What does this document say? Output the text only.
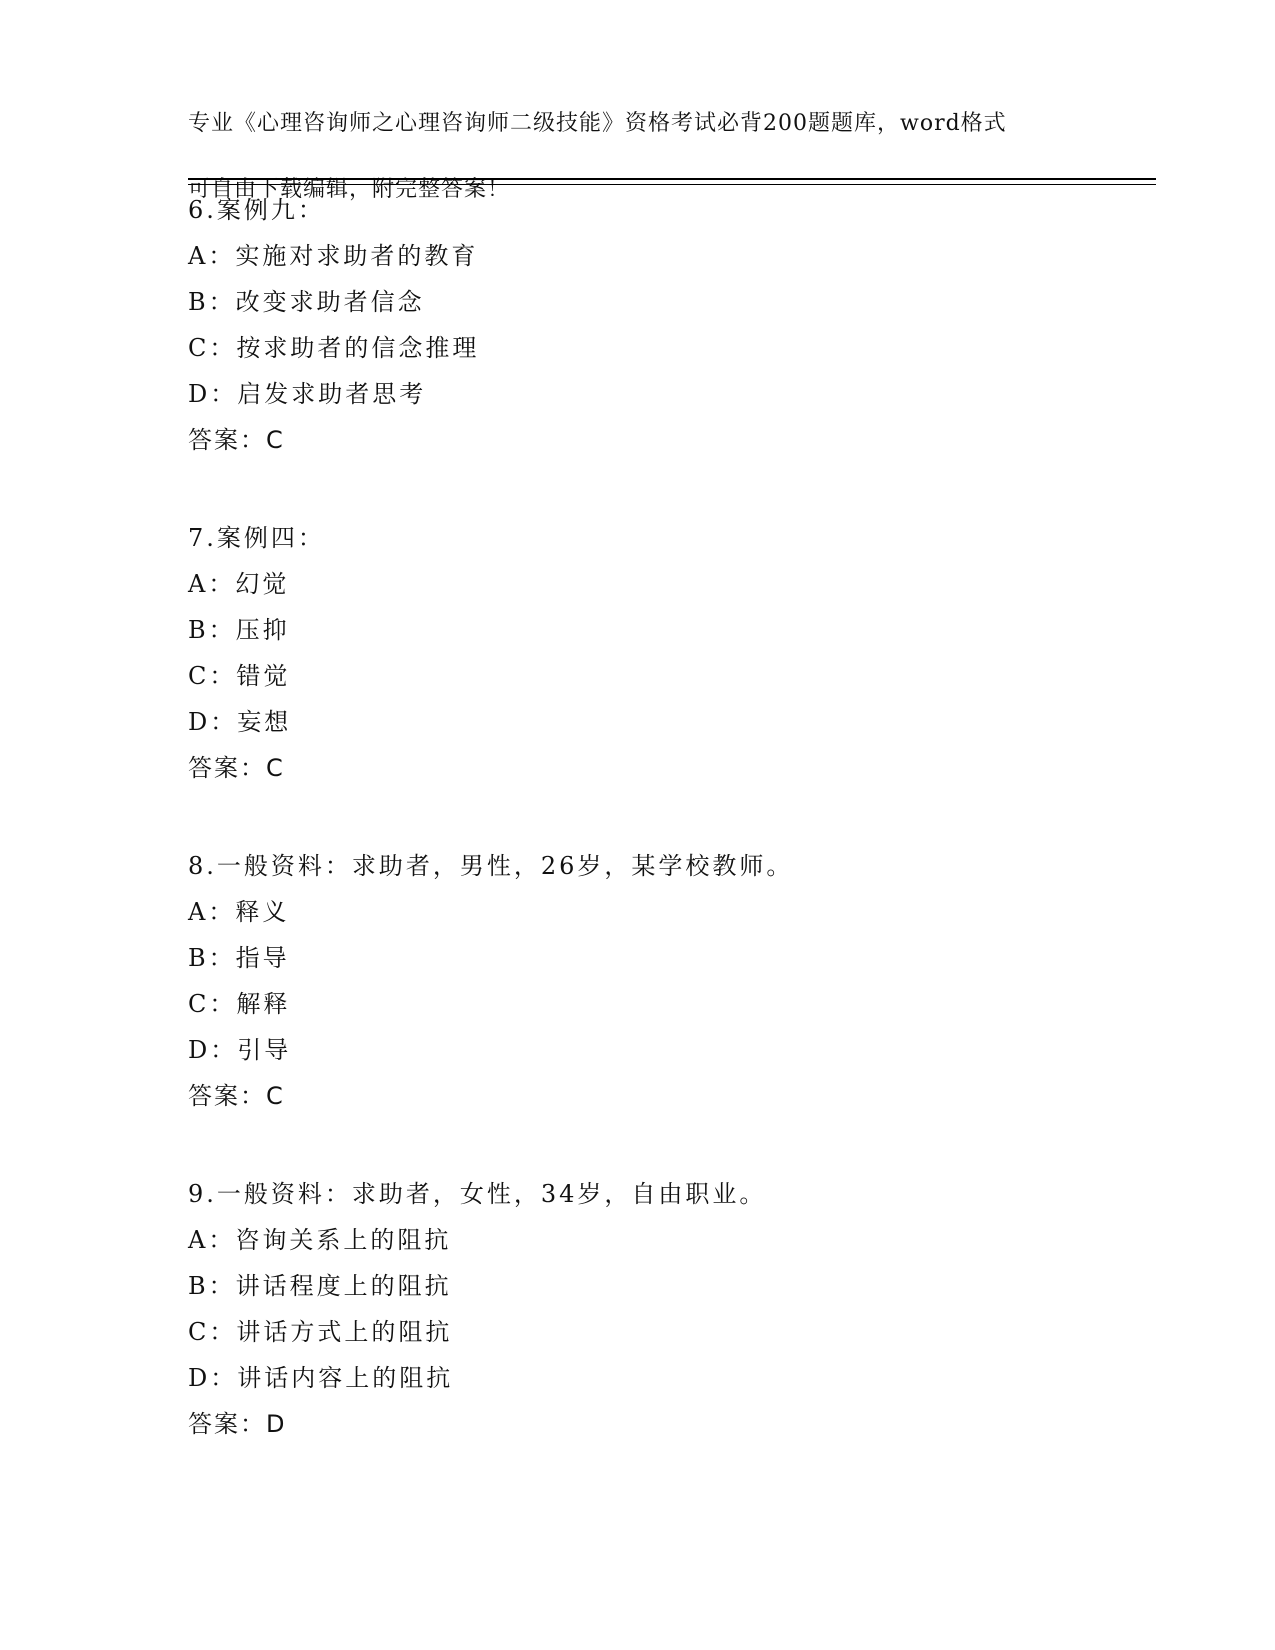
专业《心理咨询师之心理咨询师二级技能》资格考试必背200题题库，word格式

可自由下载编辑，附完整答案！

6.案例九：
A：实施对求助者的教育
B：改变求助者信念
C：按求助者的信念推理
D：启发求助者思考
答案：C
7.案例四：
A：幻觉
B：压抑
C：错觉
D：妄想
答案：C
8.一般资料：求助者，男性，26岁，某学校教师。
A：释义
B：指导
C：解释
D：引导
答案：C
9.一般资料：求助者，女性，34岁，自由职业。
A：咨询关系上的阻抗
B：讲话程度上的阻抗
C：讲话方式上的阻抗
D：讲话内容上的阻抗
答案：D
